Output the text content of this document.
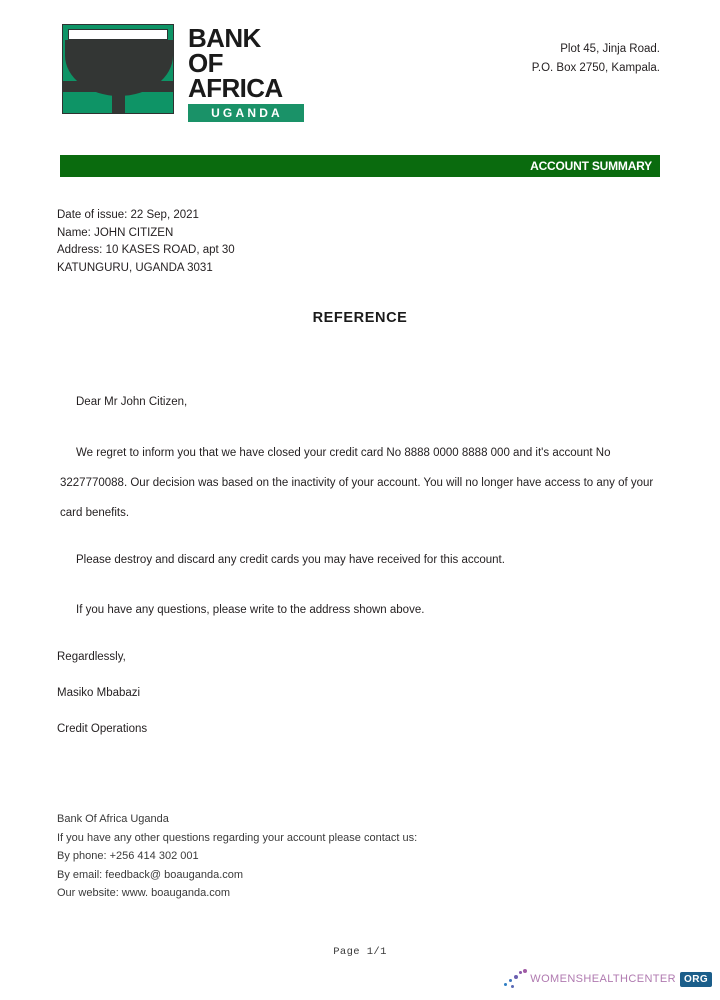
BANK
OF
AFRICA
UGANDA
Plot 45, Jinja Road.
P.O. Box 2750, Kampala.
ACCOUNT SUMMARY
Date of issue: 22 Sep, 2021
Name: JOHN CITIZEN
Address: 10 KASES ROAD, apt 30
KATUNGURU, UGANDA 3031
REFERENCE

Dear Mr John Citizen,

We regret to inform you that we have closed your credit card No 8888 0000 8888 000 and it's account No 3227770088. Our decision was based on the inactivity of your account. You will no longer have access to any of your card benefits.

Please destroy and discard any credit cards you may have received for this account.

If you have any questions, please write to the address shown above.

Regardlessly,

Masiko Mbabazi

Credit Operations

Bank Of Africa Uganda
If you have any other questions regarding your account please contact us:
By phone: +256 414 302 001
By email: feedback@ boauganda.com
Our website: www. boauganda.com
Page 1/1
WOMENSHEALTHCENTER ORG
